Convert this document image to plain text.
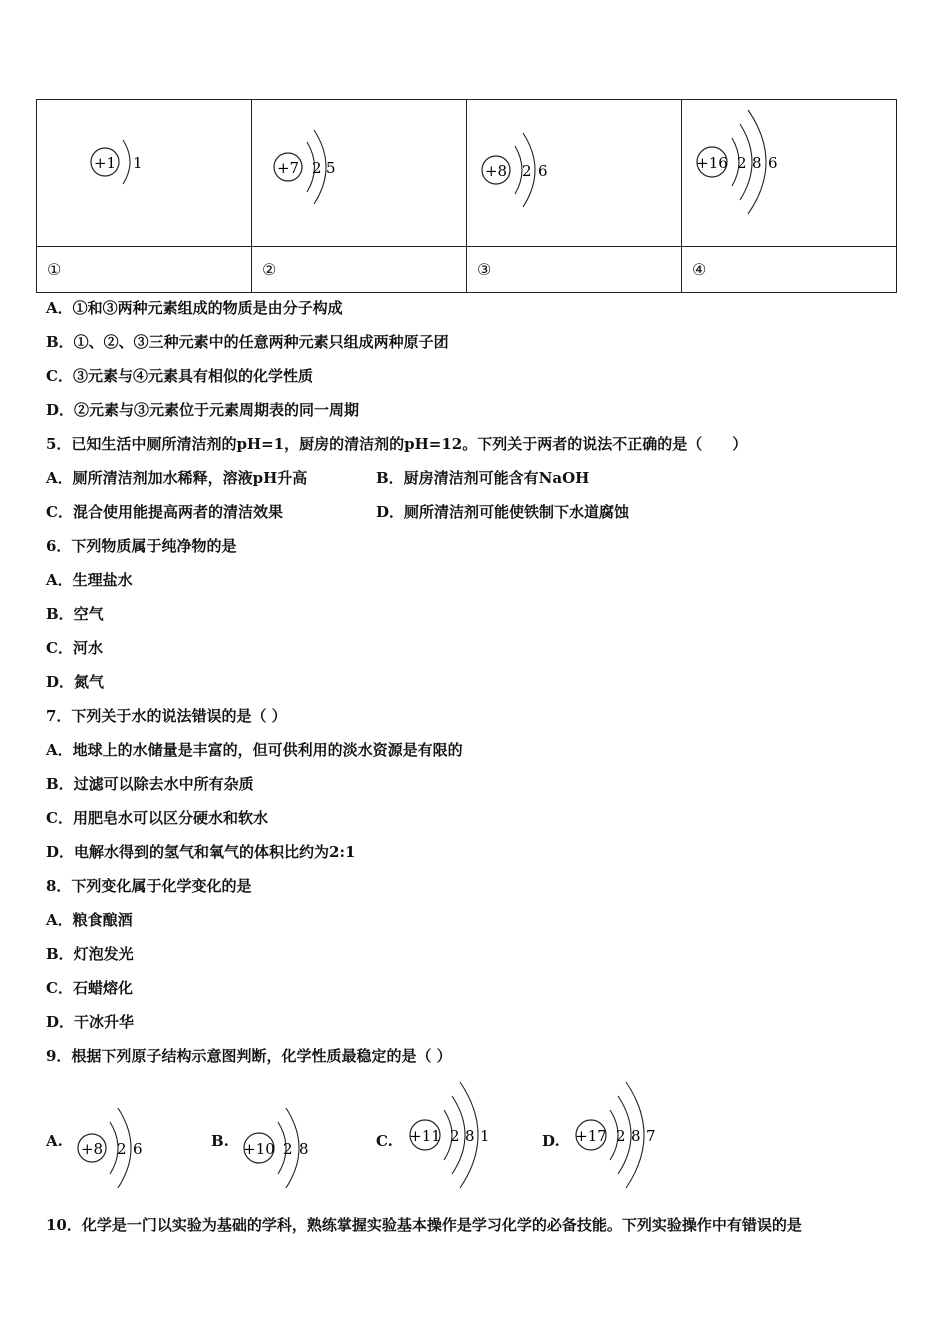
+1 1	+7 2 5	+8 2 6	+16 2 8 6

①	②	③	④
A．①和③两种元素组成的物质是由分子构成
B．①、②、③三种元素中的任意两种元素只组成两种原子团
C．③元素与④元素具有相似的化学性质
D．②元素与③元素位于元素周期表的同一周期
5．已知生活中厕所清洁剂的pH=1，厨房的清洁剂的pH=12。下列关于两者的说法不正确的是（　　）
A．厕所清洁剂加水稀释，溶液pH升高	B．厨房清洁剂可能含有NaOH
C．混合使用能提高两者的清洁效果	D．厕所清洁剂可能使铁制下水道腐蚀
6．下列物质属于纯净物的是
A．生理盐水
B．空气
C．河水
D．氮气
7．下列关于水的说法错误的是（ ）
A．地球上的水储量是丰富的，但可供利用的淡水资源是有限的
B．过滤可以除去水中所有杂质
C．用肥皂水可以区分硬水和软水
D．电解水得到的氢气和氧气的体积比约为2:1
8．下列变化属于化学变化的是
A．粮食酿酒
B．灯泡发光
C．石蜡熔化
D．干冰升华
9．根据下列原子结构示意图判断，化学性质最稳定的是（ ）
A. +8 2 6	B. +10 2 8	C. +11 2 8 1	D. +17 2 8 7
10．化学是一门以实验为基础的学科，熟练掌握实验基本操作是学习化学的必备技能。下列实验操作中有错误的是
